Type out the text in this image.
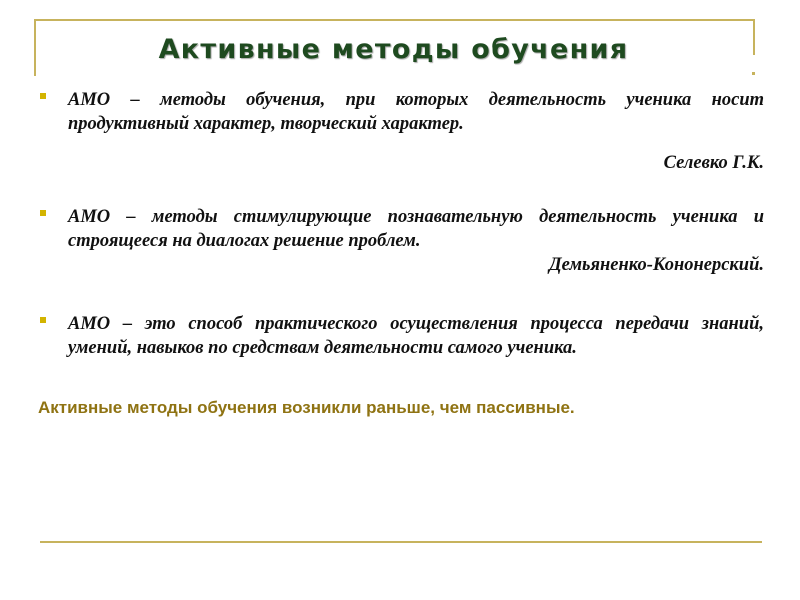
Активные методы обучения

АМО – методы обучения, при которых деятельность ученика носит продуктивный характер, творческий характер.

Селевко Г.К.

АМО – методы стимулирующие познавательную деятельность ученика и строящееся на диалогах решение проблем.

Демьяненко-Кононерский.

АМО – это способ практического осуществления процесса передачи знаний, умений, навыков по средствам деятельности самого ученика.

Активные методы обучения возникли раньше, чем пассивные.
